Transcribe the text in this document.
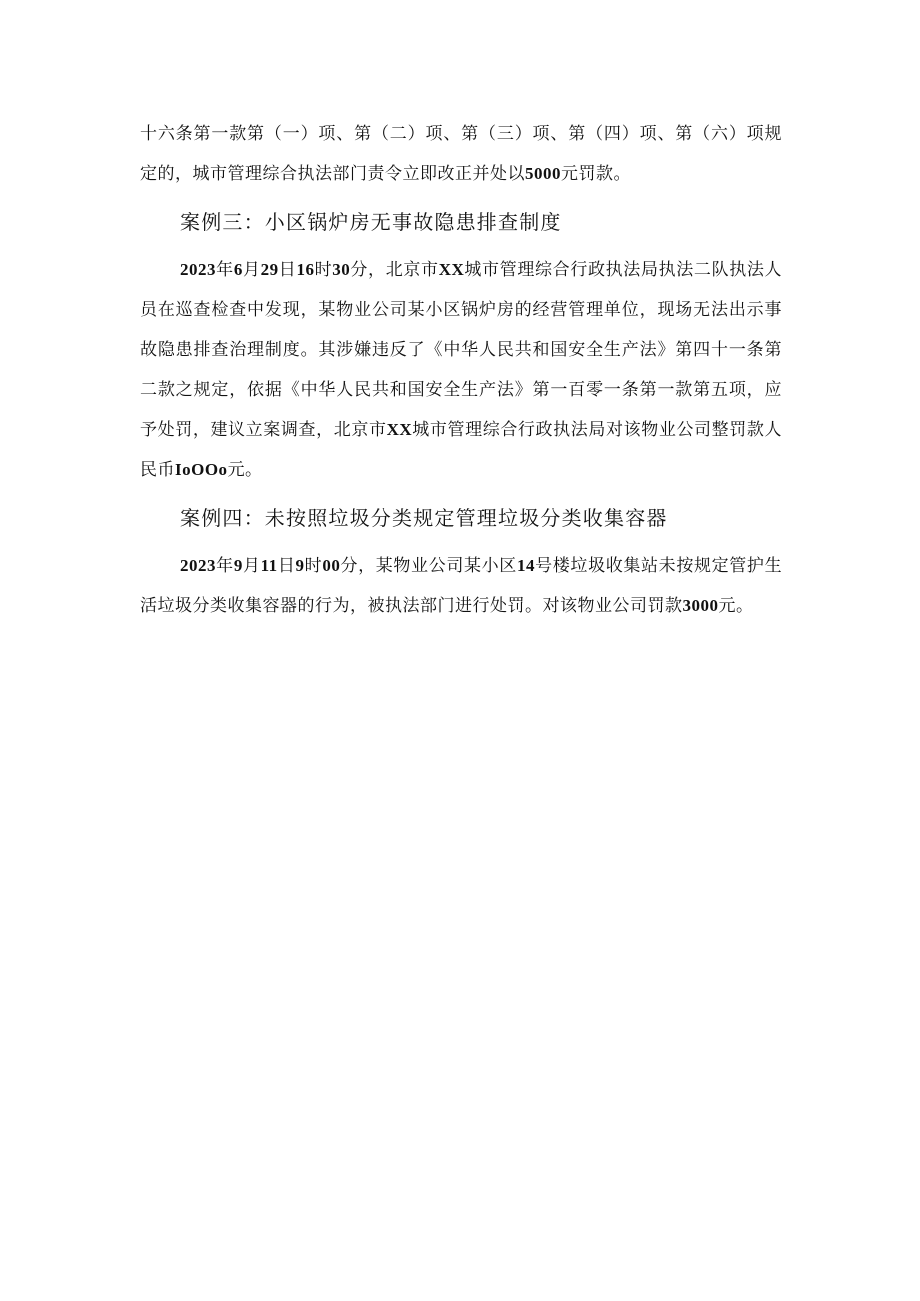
十六条第一款第（一）项、第（二）项、第（三）项、第（四）项、第（六）项规定的，城市管理综合执法部门责令立即改正并处以5000元罚款。

案例三：小区锅炉房无事故隐患排查制度

2023年6月29日16时30分，北京市XX城市管理综合行政执法局执法二队执法人员在巡查检查中发现，某物业公司某小区锅炉房的经营管理单位，现场无法出示事故隐患排查治理制度。其涉嫌违反了《中华人民共和国安全生产法》第四十一条第二款之规定，依据《中华人民共和国安全生产法》第一百零一条第一款第五项，应予处罚，建议立案调查，北京市XX城市管理综合行政执法局对该物业公司整罚款人民币IoOOo元。

案例四：未按照垃圾分类规定管理垃圾分类收集容器

2023年9月11日9时00分，某物业公司某小区14号楼垃圾收集站未按规定管护生活垃圾分类收集容器的行为，被执法部门进行处罚。对该物业公司罚款3000元。
